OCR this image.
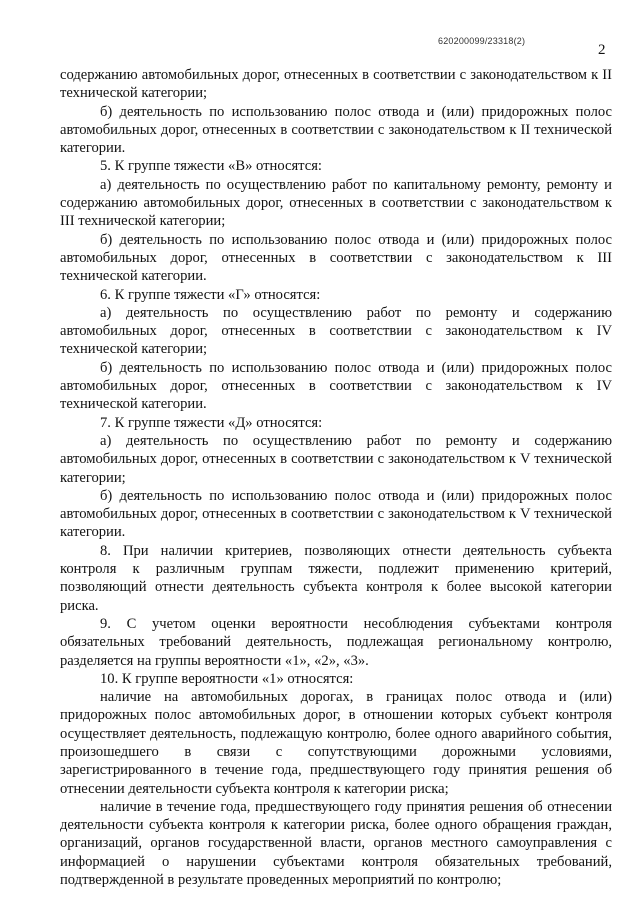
620200099/23318(2)
2

содержанию автомобильных дорог, отнесенных в соответствии с законодательством к II технической категории;

б) деятельность по использованию полос отвода и (или) придорожных полос автомобильных дорог, отнесенных в соответствии с законодательством к II технической категории.

5. К группе тяжести «В» относятся:

а) деятельность по осуществлению работ по капитальному ремонту, ремонту и содержанию автомобильных дорог, отнесенных в соответствии с законодательством к III технической категории;

б) деятельность по использованию полос отвода и (или) придорожных полос автомобильных дорог, отнесенных в соответствии с законодательством к III технической категории.

6. К группе тяжести «Г» относятся:

а) деятельность по осуществлению работ по ремонту и содержанию автомобильных дорог, отнесенных в соответствии с законодательством к IV технической категории;

б) деятельность по использованию полос отвода и (или) придорожных полос автомобильных дорог, отнесенных в соответствии с законодательством к IV технической категории.

7. К группе тяжести «Д» относятся:

а) деятельность по осуществлению работ по ремонту и содержанию автомобильных дорог, отнесенных в соответствии с законодательством к V технической категории;

б) деятельность по использованию полос отвода и (или) придорожных полос автомобильных дорог, отнесенных в соответствии с законодательством к V технической категории.

8. При наличии критериев, позволяющих отнести деятельность субъекта контроля к различным группам тяжести, подлежит применению критерий, позволяющий отнести деятельность субъекта контроля к более высокой категории риска.

9. С учетом оценки вероятности несоблюдения субъектами контроля обязательных требований деятельность, подлежащая региональному контролю, разделяется на группы вероятности «1», «2», «3».

10. К группе вероятности «1» относятся:

наличие на автомобильных дорогах, в границах полос отвода и (или) придорожных полос автомобильных дорог, в отношении которых субъект контроля осуществляет деятельность, подлежащую контролю, более одного аварийного события, произошедшего в связи с сопутствующими дорожными условиями, зарегистрированного в течение года, предшествующего году принятия решения об отнесении деятельности субъекта контроля к категории риска;

наличие в течение года, предшествующего году принятия решения об отнесении деятельности субъекта контроля к категории риска, более одного обращения граждан, организаций, органов государственной власти, органов местного самоуправления с информацией о нарушении субъектами контроля обязательных требований, подтвержденной в результате проведенных мероприятий по контролю;
